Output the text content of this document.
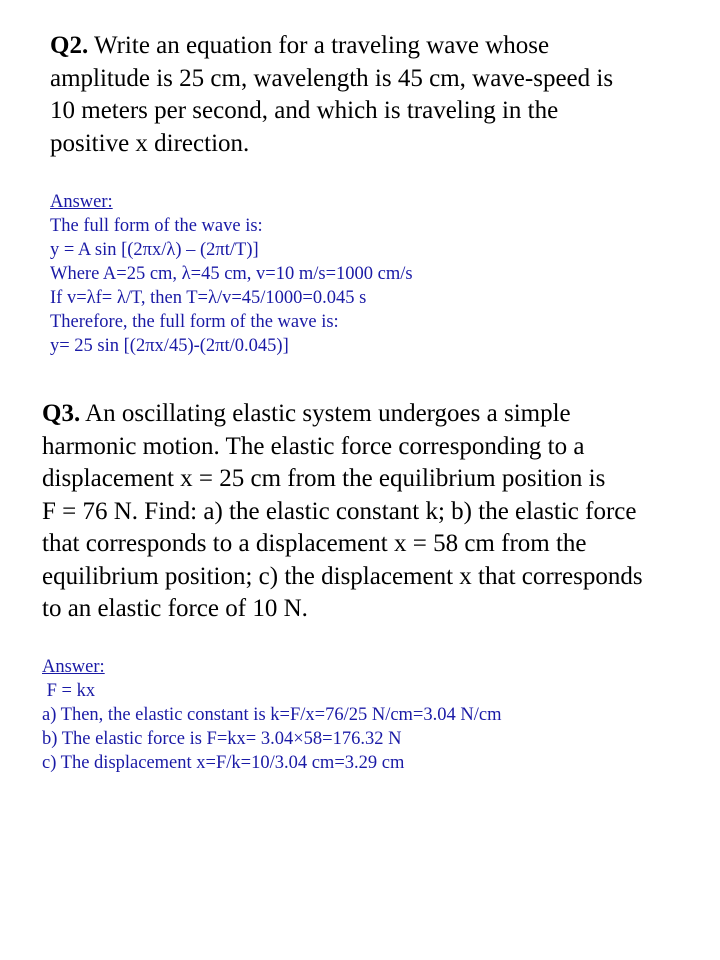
Q2. Write an equation for a traveling wave whose
amplitude is 25 cm, wavelength is 45 cm, wave-speed is
10 meters per second, and which is traveling in the
positive x direction.
Answer:
The full form of the wave is:
y = A sin [(2πx/λ) – (2πt/T)]
Where A=25 cm, λ=45 cm, v=10 m/s=1000 cm/s
If v=λf= λ/T, then T=λ/v=45/1000=0.045 s
Therefore, the full form of the wave is:
y= 25 sin [(2πx/45)-(2πt/0.045)]
Q3. An oscillating elastic system undergoes a simple
harmonic motion. The elastic force corresponding to a
displacement x = 25 cm from the equilibrium position is
F = 76 N. Find: a) the elastic constant k; b) the elastic force
that corresponds to a displacement x = 58 cm from the
equilibrium position; c) the displacement x that corresponds
to an elastic force of 10 N.
Answer:
F = kx
a) Then, the elastic constant is k=F/x=76/25 N/cm=3.04 N/cm
b) The elastic force is F=kx= 3.04×58=176.32 N
c) The displacement x=F/k=10/3.04 cm=3.29 cm
